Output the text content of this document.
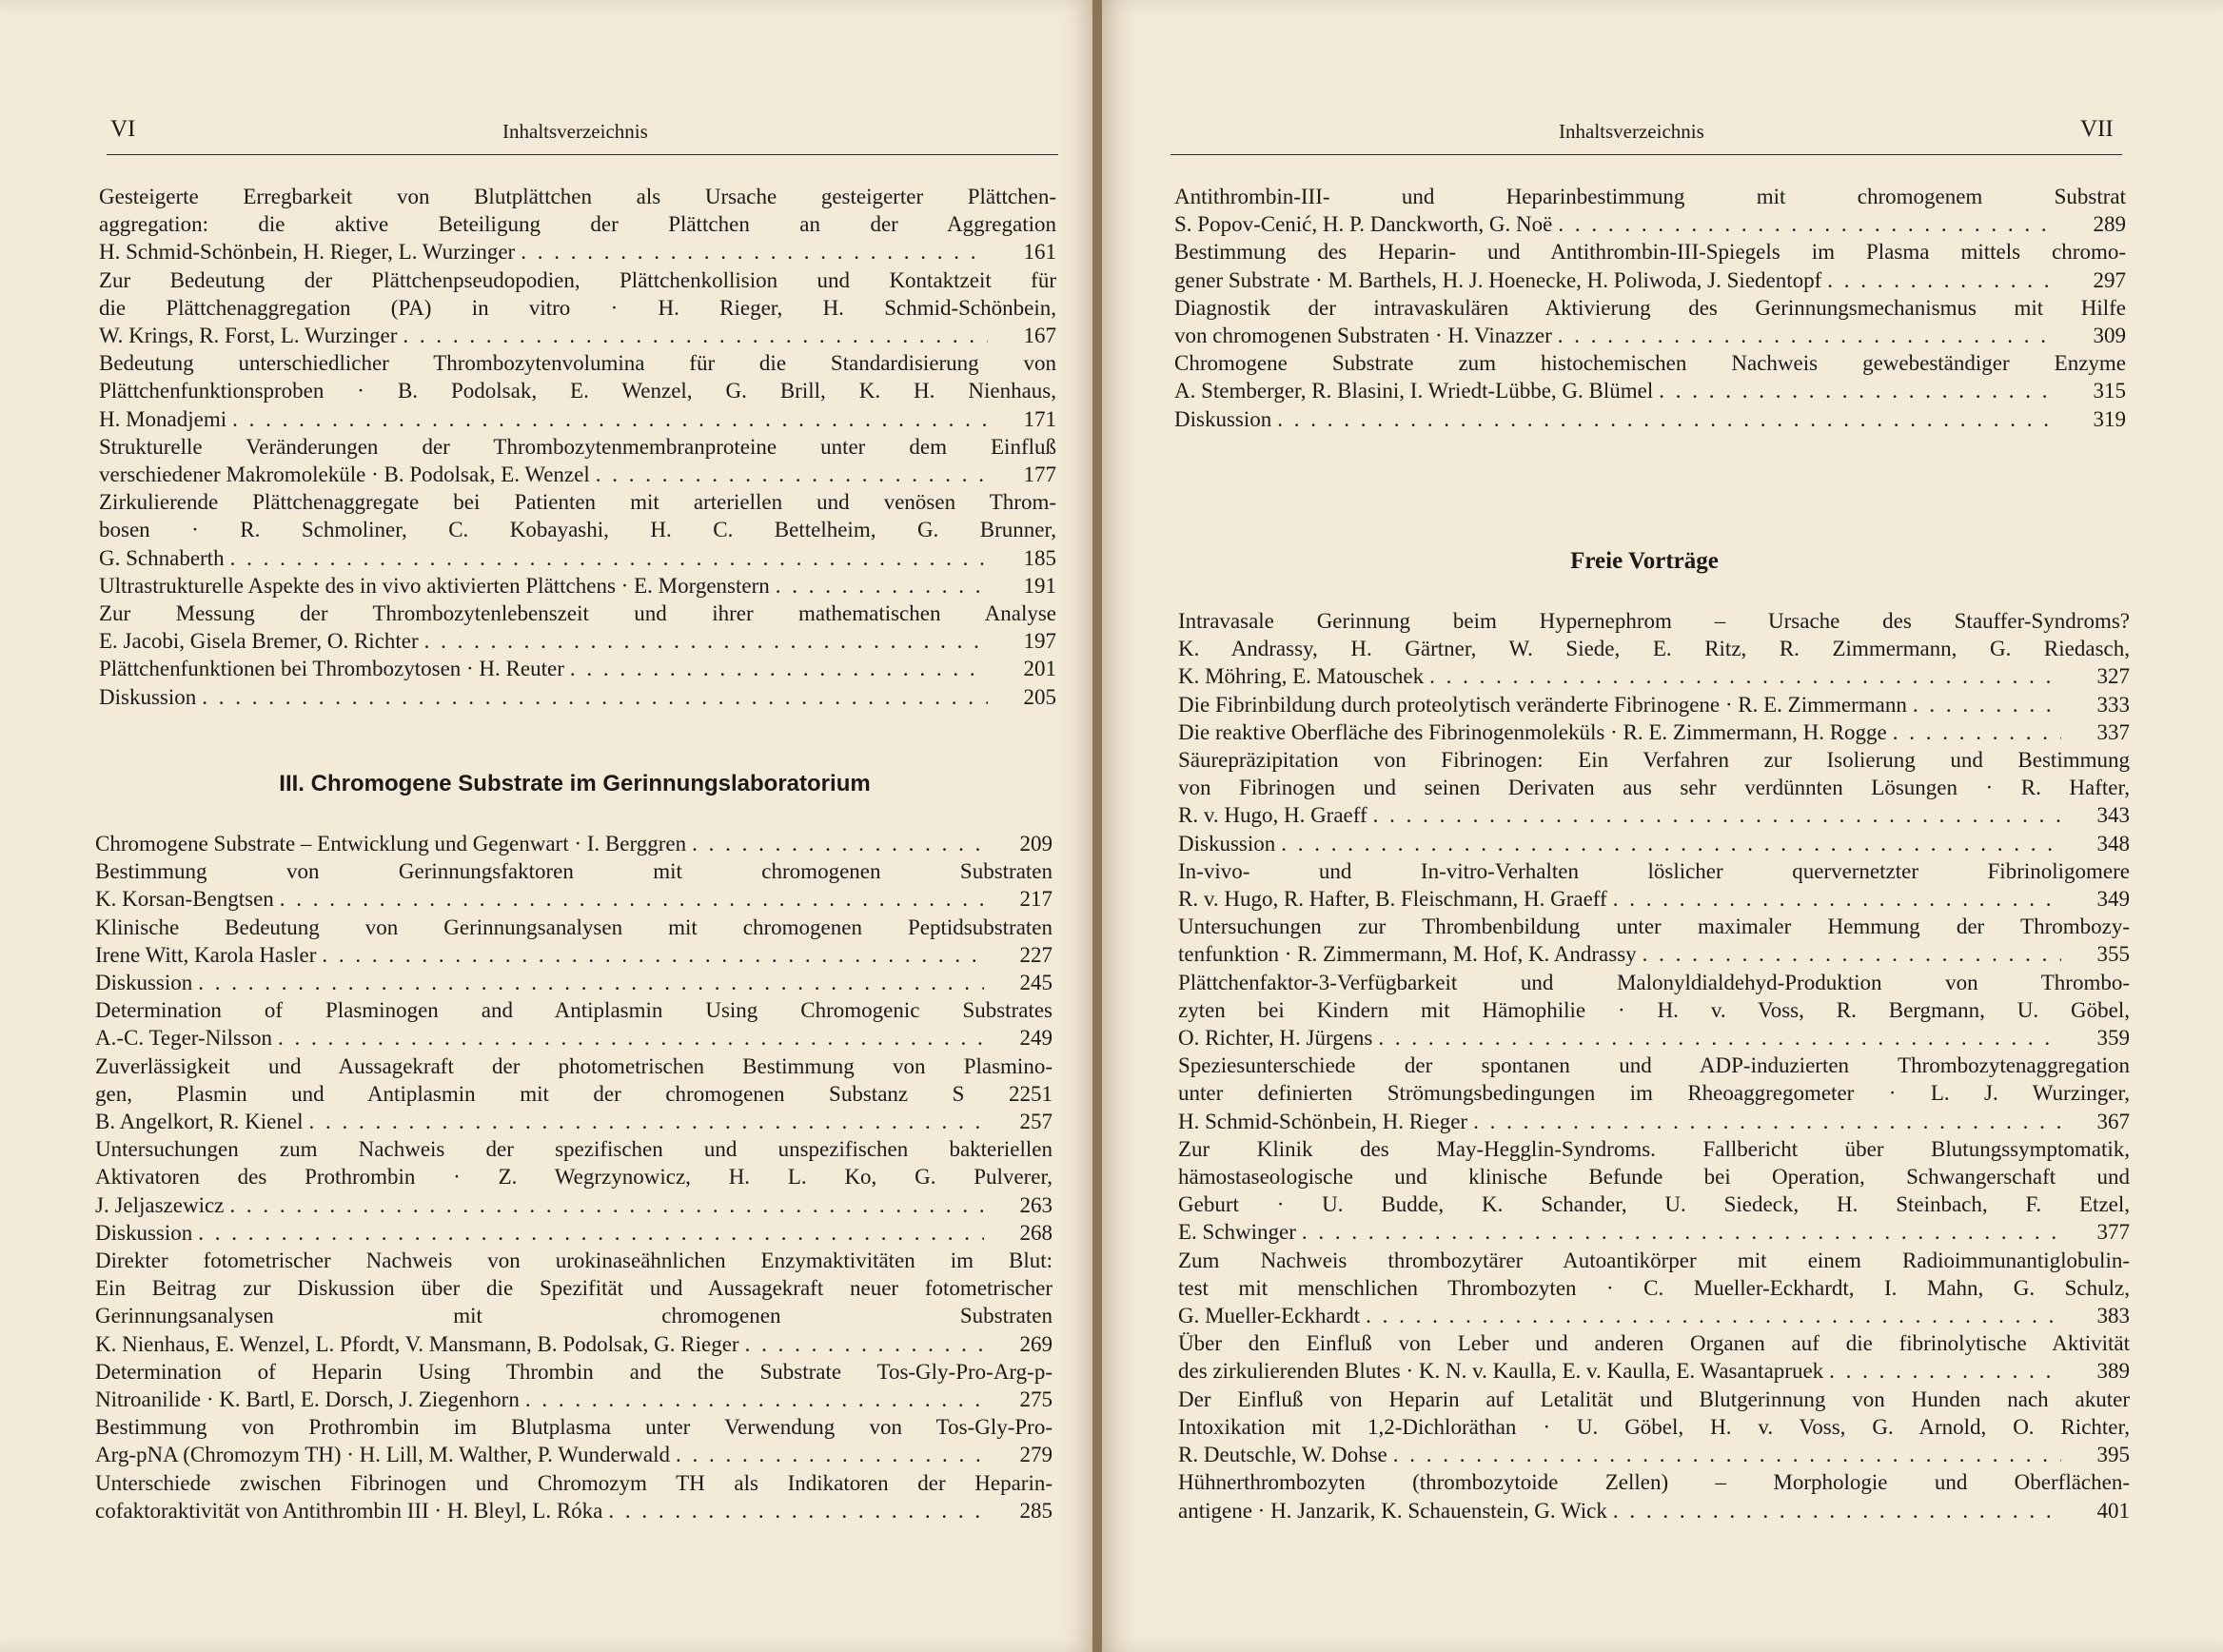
VI	Inhaltsverzeichnis
Gesteigerte Erregbarkeit von Blutplättchen als Ursache gesteigerter Plättchen-
aggregation: die aktive Beteiligung der Plättchen an der Aggregation
H. Schmid-Schönbein, H. Rieger, L. Wurzinger . . .	161
Zur Bedeutung der Plättchenpseudopodien, Plättchenkollision und Kontaktzeit für
die Plättchenaggregation (PA) in vitro · H. Rieger, H. Schmid-Schönbein,
W. Krings, R. Forst, L. Wurzinger . . .	167
Bedeutung unterschiedlicher Thrombozytenvolumina für die Standardisierung von
Plättchenfunktionsproben · B. Podolsak, E. Wenzel, G. Brill, K. H. Nienhaus,
H. Monadjemi . . .	171
Strukturelle Veränderungen der Thrombozytenmembranproteine unter dem Einfluß
verschiedener Makromoleküle · B. Podolsak, E. Wenzel . . .	177
Zirkulierende Plättchenaggregate bei Patienten mit arteriellen und venösen Throm-
bosen · R. Schmoliner, C. Kobayashi, H. C. Bettelheim, G. Brunner,
G. Schnaberth . . .	185
Ultrastrukturelle Aspekte des in vivo aktivierten Plättchens · E. Morgenstern . . .	191
Zur Messung der Thrombozytenlebenszeit und ihrer mathematischen Analyse
E. Jacobi, Gisela Bremer, O. Richter . . .	197
Plättchenfunktionen bei Thrombozytosen · H. Reuter . . .	201
Diskussion . . .	205
III. Chromogene Substrate im Gerinnungslaboratorium
Chromogene Substrate – Entwicklung und Gegenwart · I. Berggren . . .	209
Bestimmung von Gerinnungsfaktoren mit chromogenen Substraten
K. Korsan-Bengtsen . . .	217
Klinische Bedeutung von Gerinnungsanalysen mit chromogenen Peptidsubstraten
Irene Witt, Karola Hasler . . .	227
Diskussion . . .	245
Determination of Plasminogen and Antiplasmin Using Chromogenic Substrates
A.-C. Teger-Nilsson . . .	249
Zuverlässigkeit und Aussagekraft der photometrischen Bestimmung von Plasmino-
gen, Plasmin und Antiplasmin mit der chromogenen Substanz S 2251
B. Angelkort, R. Kienel . . .	257
Untersuchungen zum Nachweis der spezifischen und unspezifischen bakteriellen
Aktivatoren des Prothrombin · Z. Wegrzynowicz, H. L. Ko, G. Pulverer,
J. Jeljaszewicz . . .	263
Diskussion . . .	268
Direkter fotometrischer Nachweis von urokinaseähnlichen Enzymaktivitäten im Blut:
Ein Beitrag zur Diskussion über die Spezifität und Aussagekraft neuer fotometrischer
Gerinnungsanalysen mit chromogenen Substraten
K. Nienhaus, E. Wenzel, L. Pfordt, V. Mansmann, B. Podolsak, G. Rieger . . .	269
Determination of Heparin Using Thrombin and the Substrate Tos-Gly-Pro-Arg-p-
Nitroanilide · K. Bartl, E. Dorsch, J. Ziegenhorn . . .	275
Bestimmung von Prothrombin im Blutplasma unter Verwendung von Tos-Gly-Pro-
Arg-pNA (Chromozym TH) · H. Lill, M. Walther, P. Wunderwald . . .	279
Unterschiede zwischen Fibrinogen und Chromozym TH als Indikatoren der Heparin-
cofaktoraktivität von Antithrombin III · H. Bleyl, L. Róka . . .	285
Inhaltsverzeichnis	VII
Antithrombin-III- und Heparinbestimmung mit chromogenem Substrat
S. Popov-Cenić, H. P. Danckworth, G. Noë . . .	289
Bestimmung des Heparin- und Antithrombin-III-Spiegels im Plasma mittels chromo-
gener Substrate · M. Barthels, H. J. Hoenecke, H. Poliwoda, J. Siedentopf . . .	297
Diagnostik der intravaskulären Aktivierung des Gerinnungsmechanismus mit Hilfe
von chromogenen Substraten · H. Vinazzer . . .	309
Chromogene Substrate zum histochemischen Nachweis gewebeständiger Enzyme
A. Stemberger, R. Blasini, I. Wriedt-Lübbe, G. Blümel . . .	315
Diskussion . . .	319
Freie Vorträge
Intravasale Gerinnung beim Hypernephrom – Ursache des Stauffer-Syndroms?
K. Andrassy, H. Gärtner, W. Siede, E. Ritz, R. Zimmermann, G. Riedasch,
K. Möhring, E. Matouschek . . .	327
Die Fibrinbildung durch proteolytisch veränderte Fibrinogene · R. E. Zimmermann . . .	333
Die reaktive Oberfläche des Fibrinogenmoleküls · R. E. Zimmermann, H. Rogge . . .	337
Säurepräzipitation von Fibrinogen: Ein Verfahren zur Isolierung und Bestimmung
von Fibrinogen und seinen Derivaten aus sehr verdünnten Lösungen · R. Hafter,
R. v. Hugo, H. Graeff . . .	343
Diskussion . . .	348
In-vivo- und In-vitro-Verhalten löslicher quervernetzter Fibrinoligomere
R. v. Hugo, R. Hafter, B. Fleischmann, H. Graeff . . .	349
Untersuchungen zur Thrombenbildung unter maximaler Hemmung der Thrombozy-
tenfunktion · R. Zimmermann, M. Hof, K. Andrassy . . .	355
Plättchenfaktor-3-Verfügbarkeit und Malonyldialdehyd-Produktion von Thrombo-
zyten bei Kindern mit Hämophilie · H. v. Voss, R. Bergmann, U. Göbel,
O. Richter, H. Jürgens . . .	359
Speziesunterschiede der spontanen und ADP-induzierten Thrombozytenaggregation
unter definierten Strömungsbedingungen im Rheoaggregometer · L. J. Wurzinger,
H. Schmid-Schönbein, H. Rieger . . .	367
Zur Klinik des May-Hegglin-Syndroms. Fallbericht über Blutungssymptomatik,
hämostaseologische und klinische Befunde bei Operation, Schwangerschaft und
Geburt · U. Budde, K. Schander, U. Siedeck, H. Steinbach, F. Etzel,
E. Schwinger . . .	377
Zum Nachweis thrombozytärer Autoantikörper mit einem Radioimmunantiglobulin-
test mit menschlichen Thrombozyten · C. Mueller-Eckhardt, I. Mahn, G. Schulz,
G. Mueller-Eckhardt . . .	383
Über den Einfluß von Leber und anderen Organen auf die fibrinolytische Aktivität
des zirkulierenden Blutes · K. N. v. Kaulla, E. v. Kaulla, E. Wasantapruek . . .	389
Der Einfluß von Heparin auf Letalität und Blutgerinnung von Hunden nach akuter
Intoxikation mit 1,2-Dichloräthan · U. Göbel, H. v. Voss, G. Arnold, O. Richter,
R. Deutschle, W. Dohse . . .	395
Hühnerthrombozyten (thrombozytoide Zellen) – Morphologie und Oberflächen-
antigene · H. Janzarik, K. Schauenstein, G. Wick . . .	401
